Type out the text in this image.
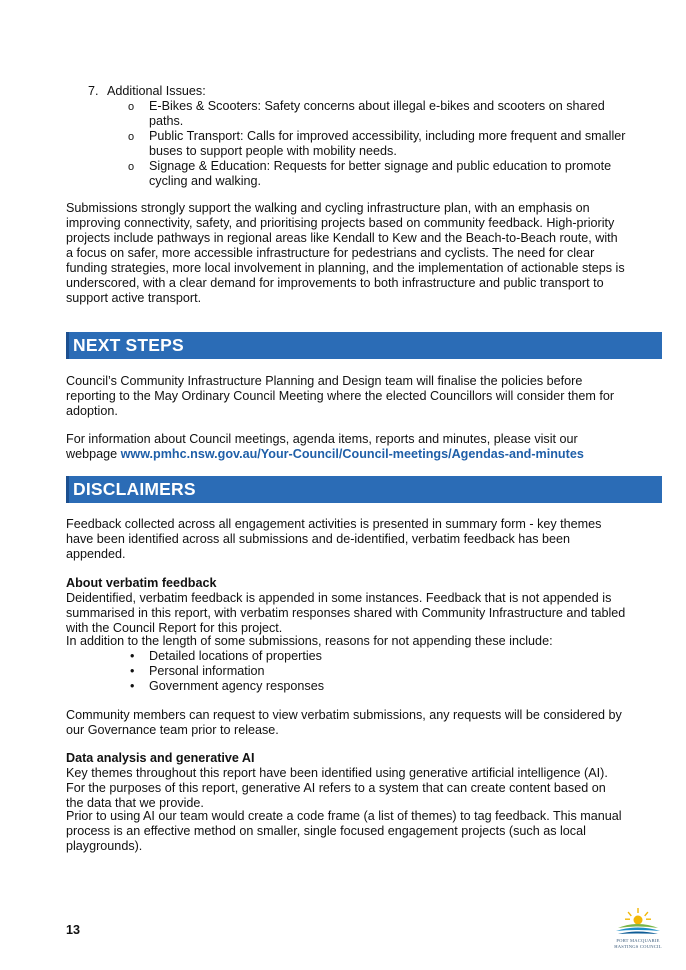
7. Additional Issues:
o E-Bikes & Scooters: Safety concerns about illegal e-bikes and scooters on shared paths.
o Public Transport: Calls for improved accessibility, including more frequent and smaller buses to support people with mobility needs.
o Signage & Education: Requests for better signage and public education to promote cycling and walking.

Submissions strongly support the walking and cycling infrastructure plan, with an emphasis on improving connectivity, safety, and prioritising projects based on community feedback. High-priority projects include pathways in regional areas like Kendall to Kew and the Beach-to-Beach route, with a focus on safer, more accessible infrastructure for pedestrians and cyclists. The need for clear funding strategies, more local involvement in planning, and the implementation of actionable steps is underscored, with a clear demand for improvements to both infrastructure and public transport to support active transport.

NEXT STEPS

Council’s Community Infrastructure Planning and Design team will finalise the policies before reporting to the May Ordinary Council Meeting where the elected Councillors will consider them for adoption.

For information about Council meetings, agenda items, reports and minutes, please visit our webpage www.pmhc.nsw.gov.au/Your-Council/Council-meetings/Agendas-and-minutes

DISCLAIMERS

Feedback collected across all engagement activities is presented in summary form - key themes have been identified across all submissions and de-identified, verbatim feedback has been appended.

About verbatim feedback

Deidentified, verbatim feedback is appended in some instances. Feedback that is not appended is summarised in this report, with verbatim responses shared with Community Infrastructure and tabled with the Council Report for this project.

In addition to the length of some submissions, reasons for not appending these include:

• Detailed locations of properties
• Personal information
• Government agency responses

Community members can request to view verbatim submissions, any requests will be considered by our Governance team prior to release.

Data analysis and generative AI

Key themes throughout this report have been identified using generative artificial intelligence (AI). For the purposes of this report, generative AI refers to a system that can create content based on the data that we provide.

Prior to using AI our team would create a code frame (a list of themes) to tag feedback. This manual process is an effective method on smaller, single focused engagement projects (such as local playgrounds).

13
PORT MACQUARIE
HASTINGS COUNCIL
